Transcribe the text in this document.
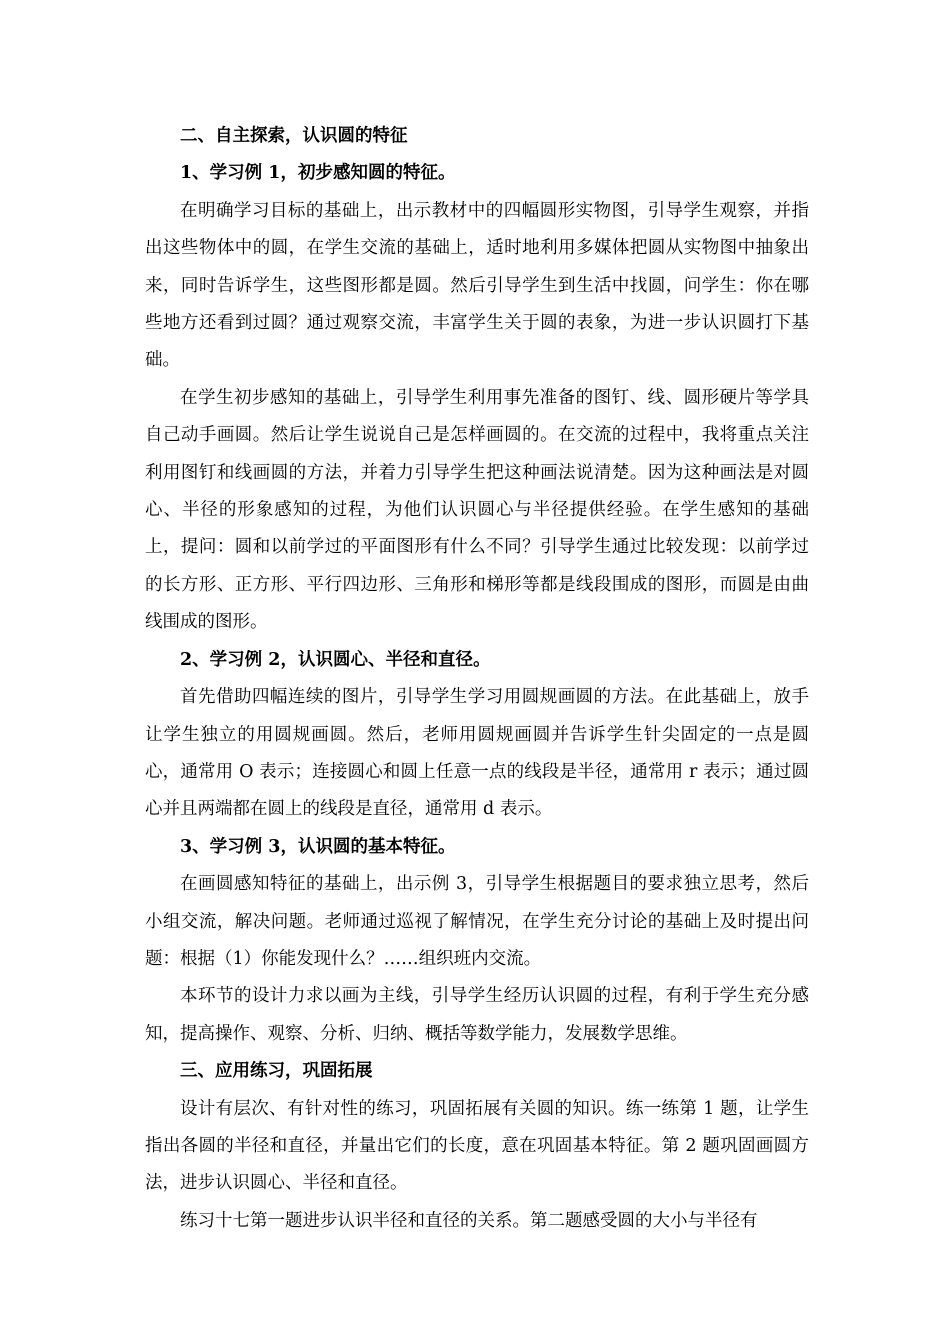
二、自主探索，认识圆的特征

1、学习例 1，初步感知圆的特征。

在明确学习目标的基础上，出示教材中的四幅圆形实物图，引导学生观察，并指出这些物体中的圆，在学生交流的基础上，适时地利用多媒体把圆从实物图中抽象出来，同时告诉学生，这些图形都是圆。然后引导学生到生活中找圆，问学生：你在哪些地方还看到过圆？通过观察交流，丰富学生关于圆的表象，为进一步认识圆打下基础。

在学生初步感知的基础上，引导学生利用事先准备的图钉、线、圆形硬片等学具自己动手画圆。然后让学生说说自己是怎样画圆的。在交流的过程中，我将重点关注利用图钉和线画圆的方法，并着力引导学生把这种画法说清楚。因为这种画法是对圆心、半径的形象感知的过程，为他们认识圆心与半径提供经验。在学生感知的基础上，提问：圆和以前学过的平面图形有什么不同？引导学生通过比较发现：以前学过的长方形、正方形、平行四边形、三角形和梯形等都是线段围成的图形，而圆是由曲线围成的图形。

2、学习例 2，认识圆心、半径和直径。

首先借助四幅连续的图片，引导学生学习用圆规画圆的方法。在此基础上，放手让学生独立的用圆规画圆。然后，老师用圆规画圆并告诉学生针尖固定的一点是圆心，通常用 O 表示；连接圆心和圆上任意一点的线段是半径，通常用 r 表示；通过圆心并且两端都在圆上的线段是直径，通常用 d 表示。

3、学习例 3，认识圆的基本特征。

在画圆感知特征的基础上，出示例 3，引导学生根据题目的要求独立思考，然后小组交流，解决问题。老师通过巡视了解情况，在学生充分讨论的基础上及时提出问题：根据（1）你能发现什么？……组织班内交流。

本环节的设计力求以画为主线，引导学生经历认识圆的过程，有利于学生充分感知，提高操作、观察、分析、归纳、概括等数学能力，发展数学思维。

三、应用练习，巩固拓展

设计有层次、有针对性的练习，巩固拓展有关圆的知识。练一练第 1 题，让学生指出各圆的半径和直径，并量出它们的长度，意在巩固基本特征。第 2 题巩固画圆方法，进步认识圆心、半径和直径。

练习十七第一题进步认识半径和直径的关系。第二题感受圆的大小与半径有
